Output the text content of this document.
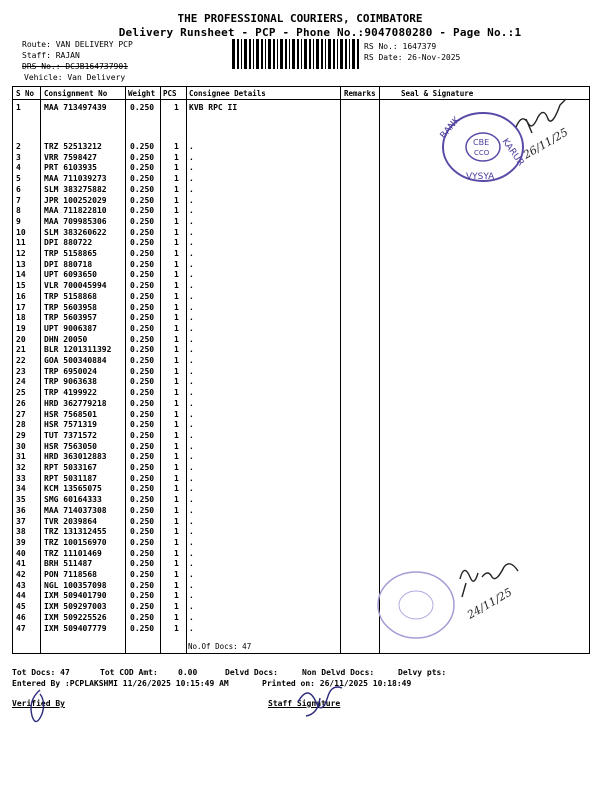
THE PROFESSIONAL COURIERS, COIMBATORE
Delivery Runsheet - PCP - Phone No.:9047080280 - Page No.:1
Route: VAN DELIVERY PCP
Staff: RAJAN
DRS No.: DCJB164737901
Vehicle: Van Delivery
RS No.: 1647379
RS Date: 26-Nov-2025
S No Consignment No	Weight PCS Consignee Details	Remarks	Seal & Signature
1	MAA 713497439	0.250 1 KVB RPC II
2	TRZ 52513212	0.250 1 .
3	VRR 7598427	0.250 1 .
4	PRT 6103935	0.250 1 .
5	MAA 711039273	0.250 1 .
6	SLM 383275882	0.250 1 .
7	JPR 100252029	0.250 1 .
8	MAA 711822810	0.250 1 .
9	MAA 709985306	0.250 1 .
10 SLM 383260622	0.250 1 .
11 DPI 880722	0.250 1 .
12 TRP 5158865	0.250 1 .
13 DPI 880718	0.250 1 .
14 UPT 6093650	0.250 1 .
15 VLR 700045994	0.250 1 .
16 TRP 5158868	0.250 1 .
17 TRP 5603958	0.250 1 .
18 TRP 5603957	0.250 1 .
19 UPT 9006387	0.250 1 .
20 DHN 20050	0.250 1 .
21 BLR 1201311392 0.250 1 .
22 GOA 500340884	0.250 1 .
23 TRP 6950024	0.250 1 .
24 TRP 9063638	0.250 1 .
25 TRP 4199922	0.250 1 .
26 HRD 362779218	0.250 1 .
27 HSR 7568501	0.250 1 .
28 HSR 7571319	0.250 1 .
29 TUT 7371572	0.250 1 .
30 HSR 7563050	0.250 1 .
31 HRD 363012883	0.250 1 .
32 RPT 5033167	0.250 1 .
33 RPT 5031187	0.250 1 .
34 KCM 13565075	0.250 1 .
35 SMG 60164333	0.250 1 .
36 MAA 714037308	0.250 1 .
37 TVR 2039864	0.250 1 .
38 TRZ 131312455	0.250 1 .
39 TRZ 100156970	0.250 1 .
40 TRZ 11101469	0.250 1 .
41 BRH 511487	0.250 1 .
42 PON 7118568	0.250 1 .
43 NGL 100357098	0.250 1 .
44 IXM 509401790	0.250 1 .
45 IXM 509297003	0.250 1 .
46 IXM 509225526	0.250 1 .
47 IXM 509407779	0.250 1 .
No.Of Docs: 47
KARUR
BANK
CBE
CCO
VYSYA
26/11/25
24/11/25
Tot Docs: 47	Tot COD Amt:	0.00	Delvd Docs:	Non Delvd Docs:	Delvy pts:
Entered By :PCPLAKSHMI 11/26/2025 10:15:49 AM	Printed on: 26/11/2025 10:18:49
Verified By	Staff Signature
